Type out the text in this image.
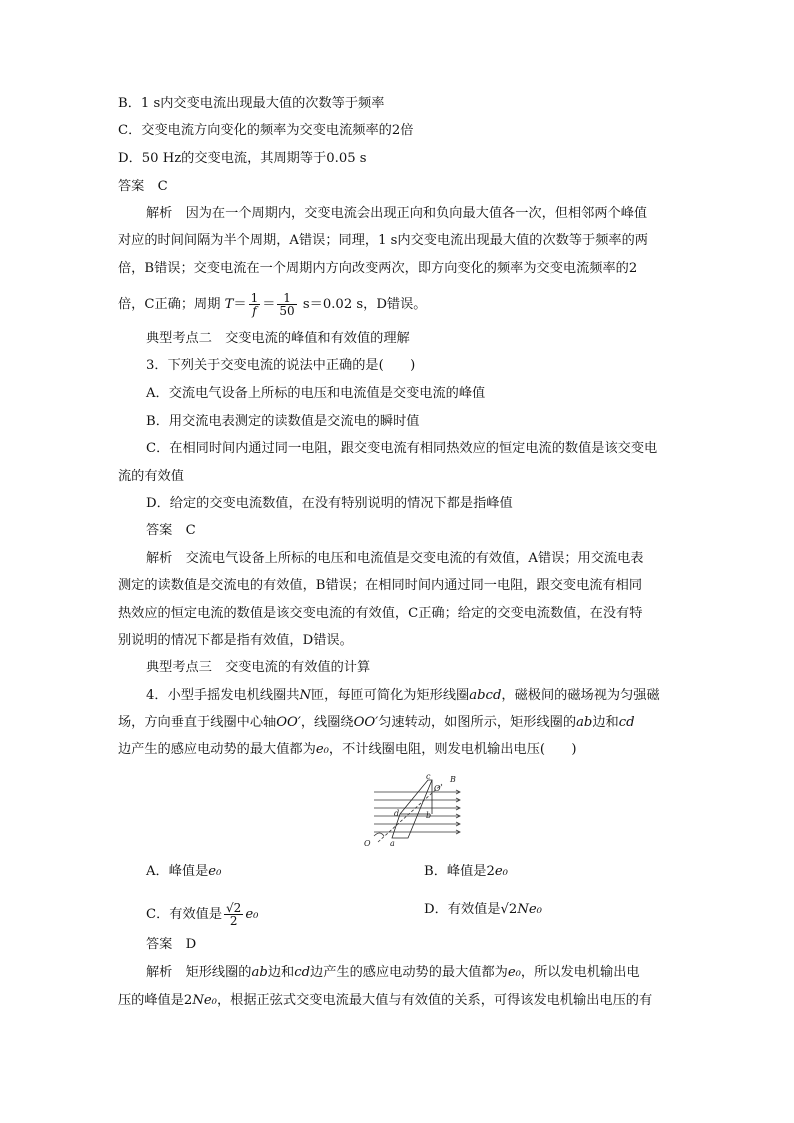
B．1 s内交变电流出现最大值的次数等于频率
C．交变电流方向变化的频率为交变电流频率的2倍
D．50 Hz的交变电流，其周期等于0.05 s
答案　 C
解析　 因为在一个周期内，交变电流会出现正向和负向最大值各一次，但相邻两个峰值
对应的时间间隔为半个周期，A错误；同理，1 s内交变电流出现最大值的次数等于频率的两
倍，B错误；交变电流在一个周期内方向改变两次，即方向变化的频率为交变电流频率的2
倍，C正确；周期 $T= \frac{1}{f} = \frac{1}{50} s=0.02$ s，D错误。
典型考点二　交变电流的峰值和有效值的理解
3．下列关于交变电流的说法中正确的是(　　)
A．交流电气设备上所标的电压和电流值是交变电流的峰值
B．用交流电表测定的读数值是交流电的瞬时值
C．在相同时间内通过同一电阻，跟交变电流有相同热效应的恒定电流的数值是该交变电
流的有效值
D．给定的交变电流数值，在没有特别说明的情况下都是指峰值
答案　 C
解析　 交流电气设备上所标的电压和电流值是交变电流的有效值，A错误；用交流电表
测定的读数值是交流电的有效值，B错误；在相同时间内通过同一电阻，跟交变电流有相同
热效应的恒定电流的数值是该交变电流的有效值，C正确；给定的交变电流数值，在没有特
别说明的情况下都是指有效值，D错误。
典型考点三　交变电流的有效值的计算
4．小型手摇发电机线圈共N匝，每匝可简化为矩形线圈abcd，磁极间的磁场视为匀强磁
场，方向垂直于线圈中心轴OO′，线圈绕OO′匀速转动，如图所示，矩形线圈的ab边和cd
边产生的感应电动势的最大值都为e₀，不计线圈电阻，则发电机输出电压(　　)
c B
O′
d	b
O a
A．峰值是e₀	B．峰值是2e₀
C．有效值是 $\frac{√2}{2} e_0$	D．有效值是√2Ne₀
答案　 D
解析　 矩形线圈的ab边和cd边产生的感应电动势的最大值都为e₀，所以发电机输出电
压的峰值是2Ne₀，根据正弦式交变电流最大值与有效值的关系，可得该发电机输出电压的有
